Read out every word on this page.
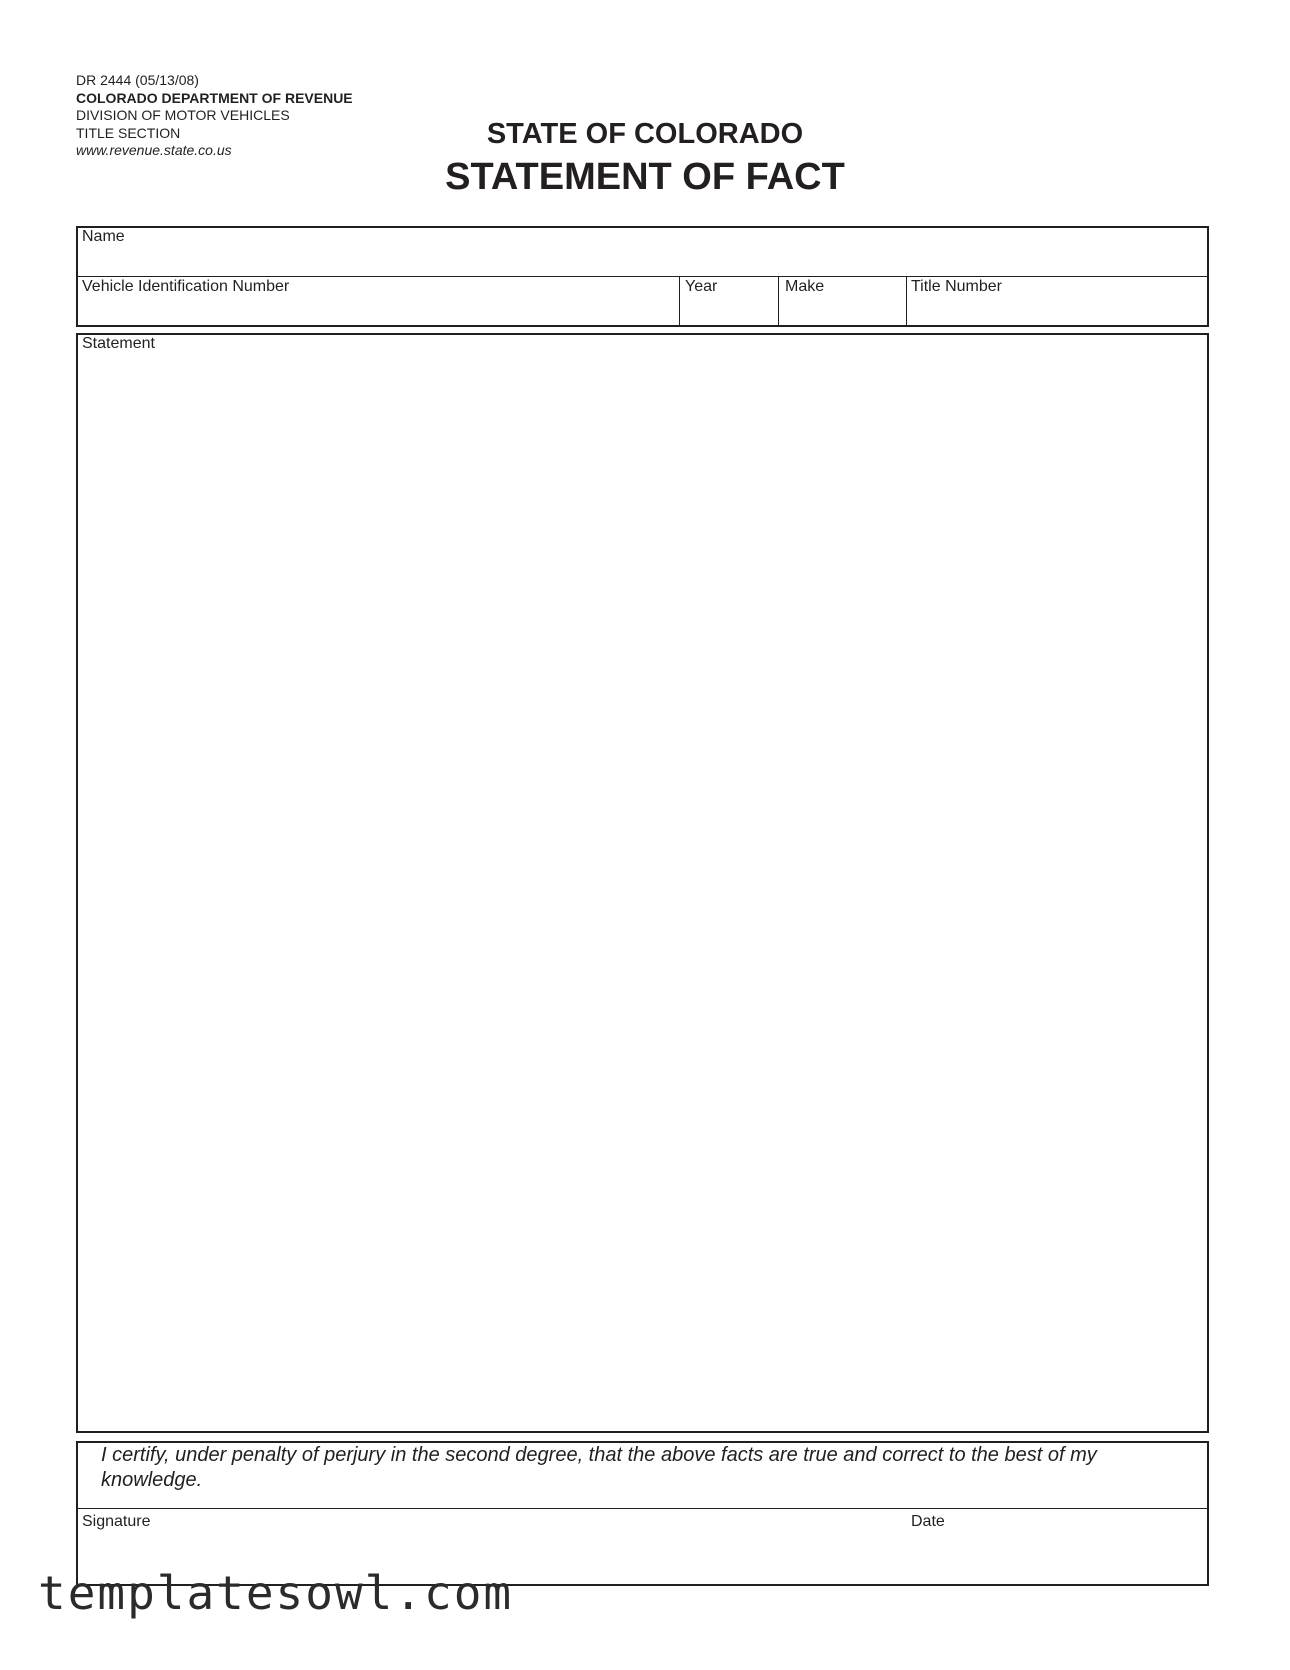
DR 2444 (05/13/08)
COLORADO DEPARTMENT OF REVENUE
DIVISION OF MOTOR VEHICLES
TITLE SECTION
www.revenue.state.co.us	STATE OF COLORADO
STATEMENT OF FACT
Name
Vehicle Identification Number	Year	Make	Title Number
Statement
I certify, under penalty of perjury in the second degree, that the above facts are true and correct to the best of my knowledge.
Signature	Date
templatesowl.com
